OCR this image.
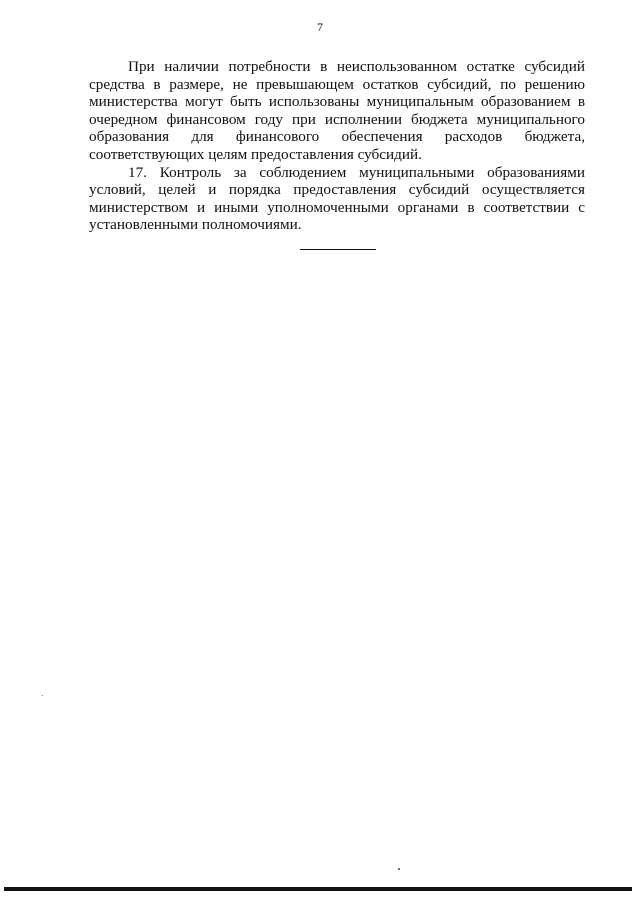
7

При наличии потребности в неиспользованном остатке субсидий средства в размере, не превышающем остатков субсидий, по решению министерства могут быть использованы муниципальным образованием в очередном финансовом году при исполнении бюджета муниципального образования для финансового обеспечения расходов бюджета, соответствующих целям предоставления субсидий.

17. Контроль за соблюдением муниципальными образованиями условий, целей и порядка предоставления субсидий осуществляется министерством и иными уполномоченными органами в соответствии с установленными полномочиями.
